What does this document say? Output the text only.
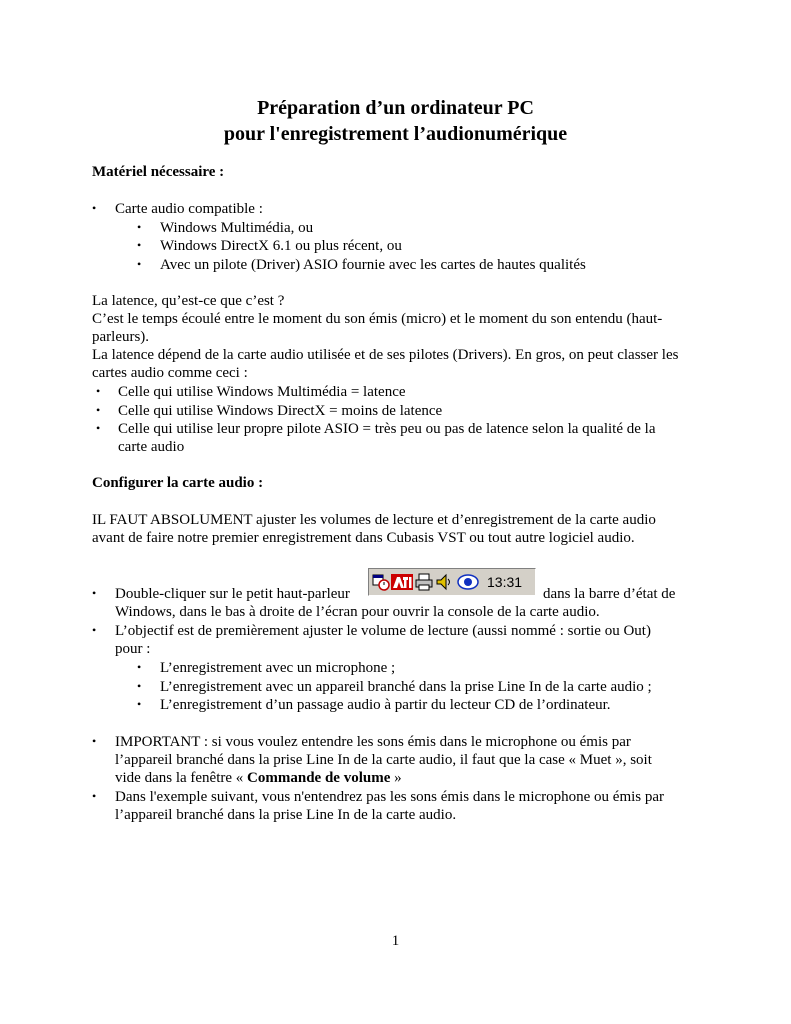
Préparation d’un ordinateur PC
pour l'enregistrement l’audionumérique
Matériel nécessaire :
• Carte audio compatible :
• Windows Multimédia, ou
• Windows DirectX 6.1 ou plus récent, ou
• Avec un pilote (Driver) ASIO fournie avec les cartes de hautes qualités
La latence, qu’est-ce que c’est ?
C’est le temps écoulé entre le moment du son émis (micro) et le moment du son entendu (haut-
parleurs).
La latence dépend de la carte audio utilisée et de ses pilotes (Drivers). En gros, on peut classer les
cartes audio comme ceci :
• Celle qui utilise Windows Multimédia = latence
• Celle qui utilise Windows DirectX = moins de latence
• Celle qui utilise leur propre pilote ASIO = très peu ou pas de latence selon la qualité de la
carte audio
Configurer la carte audio :
IL FAUT ABSOLUMENT ajuster les volumes de lecture et d’enregistrement de la carte audio
avant de faire notre premier enregistrement dans Cubasis VST ou tout autre logiciel audio.
• Double-cliquer sur le petit haut-parleur
13:31
dans la barre d’état de
Windows, dans le bas à droite de l’écran pour ouvrir la console de la carte audio.
• L’objectif est de premièrement ajuster le volume de lecture (aussi nommé : sortie ou Out)
pour :
• L’enregistrement avec un microphone ;
• L’enregistrement avec un appareil branché dans la prise Line In de la carte audio ;
• L’enregistrement d’un passage audio à partir du lecteur CD de l’ordinateur.
• IMPORTANT : si vous voulez entendre les sons émis dans le microphone ou émis par
l’appareil branché dans la prise Line In de la carte audio, il faut que la case « Muet », soit
vide dans la fenêtre « Commande de volume »
• Dans l'exemple suivant, vous n'entendrez pas les sons émis dans le microphone ou émis par
l’appareil branché dans la prise Line In de la carte audio.
1
